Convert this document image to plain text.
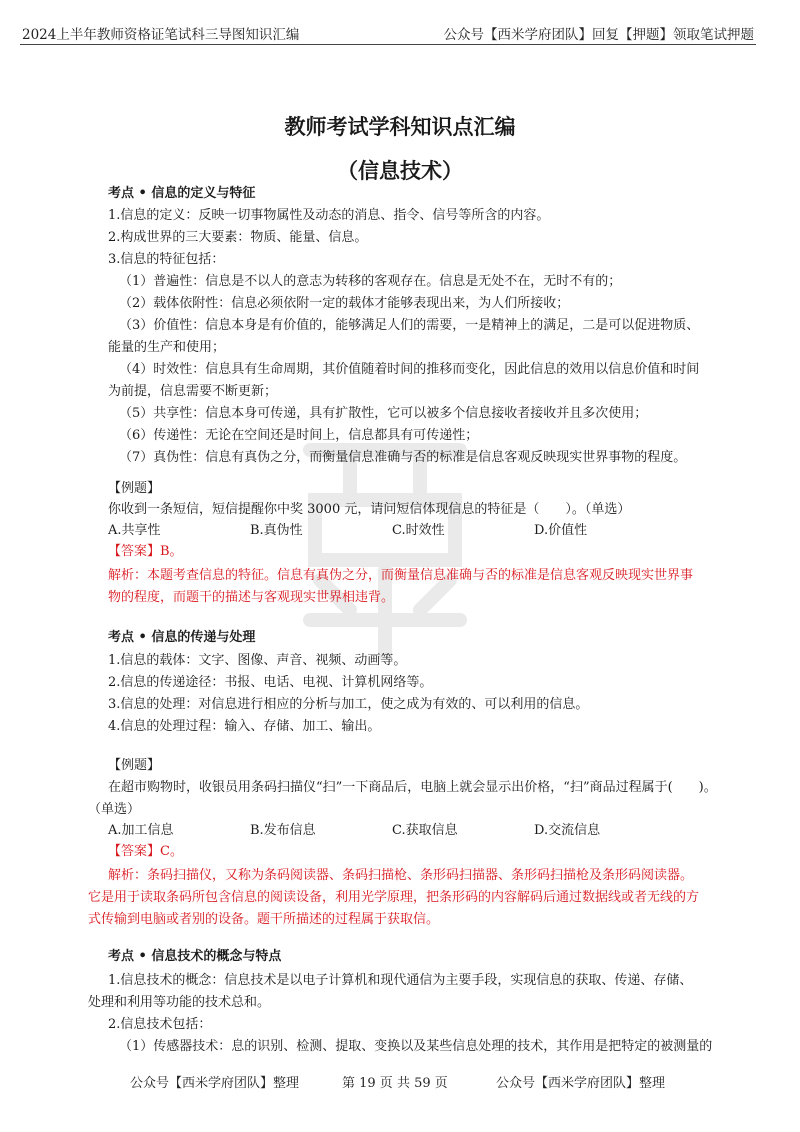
2024上半年教师资格证笔试科三导图知识汇编	公众号【西米学府团队】回复【押题】领取笔试押题
教师考试学科知识点汇编
（信息技术）
考点 • 信息的定义与特征
1.信息的定义：反映一切事物属性及动态的消息、指令、信号等所含的内容。
2.构成世界的三大要素：物质、能量、信息。
3.信息的特征包括：
（1）普遍性：信息是不以人的意志为转移的客观存在。信息是无处不在，无时不有的；
（2）载体依附性：信息必须依附一定的载体才能够表现出来，为人们所接收；
（3）价值性：信息本身是有价值的，能够满足人们的需要，一是精神上的满足，二是可以促进物质、
能量的生产和使用；
（4）时效性：信息具有生命周期，其价值随着时间的推移而变化，因此信息的效用以信息价值和时间
为前提，信息需要不断更新；
（5）共享性：信息本身可传递，具有扩散性，它可以被多个信息接收者接收并且多次使用；
（6）传递性：无论在空间还是时间上，信息都具有可传递性；
（7）真伪性：信息有真伪之分，而衡量信息准确与否的标准是信息客观反映现实世界事物的程度。
【例题】
你收到一条短信，短信提醒你中奖 3000 元，请问短信体现信息的特征是（　　）。（单选）
A.共享性	B.真伪性	C.时效性	D.价值性
【答案】B。
解析：本题考查信息的特征。信息有真伪之分，而衡量信息准确与否的标准是信息客观反映现实世界事
物的程度，而题干的描述与客观现实世界相违背。
考点 • 信息的传递与处理
1.信息的载体：文字、图像、声音、视频、动画等。
2.信息的传递途径：书报、电话、电视、计算机网络等。
3.信息的处理：对信息进行相应的分析与加工，使之成为有效的、可以利用的信息。
4.信息的处理过程：输入、存储、加工、输出。
【例题】
在超市购物时，收银员用条码扫描仪“扫”一下商品后，电脑上就会显示出价格，“扫”商品过程属于(　　)。
（单选）
A.加工信息	B.发布信息	C.获取信息	D.交流信息
【答案】C。
解析：条码扫描仪，又称为条码阅读器、条码扫描枪、条形码扫描器、条形码扫描枪及条形码阅读器。
它是用于读取条码所包含信息的阅读设备，利用光学原理，把条形码的内容解码后通过数据线或者无线的方
式传输到电脑或者别的设备。题干所描述的过程属于获取信。
考点 • 信息技术的概念与特点
1.信息技术的概念：信息技术是以电子计算机和现代通信为主要手段，实现信息的获取、传递、存储、
处理和利用等功能的技术总和。
2.信息技术包括：
（1）传感器技术：息的识别、检测、提取、变换以及某些信息处理的技术，其作用是把特定的被测量的
公众号【西米学府团队】整理	第 19 页 共 59 页	公众号【西米学府团队】整理
